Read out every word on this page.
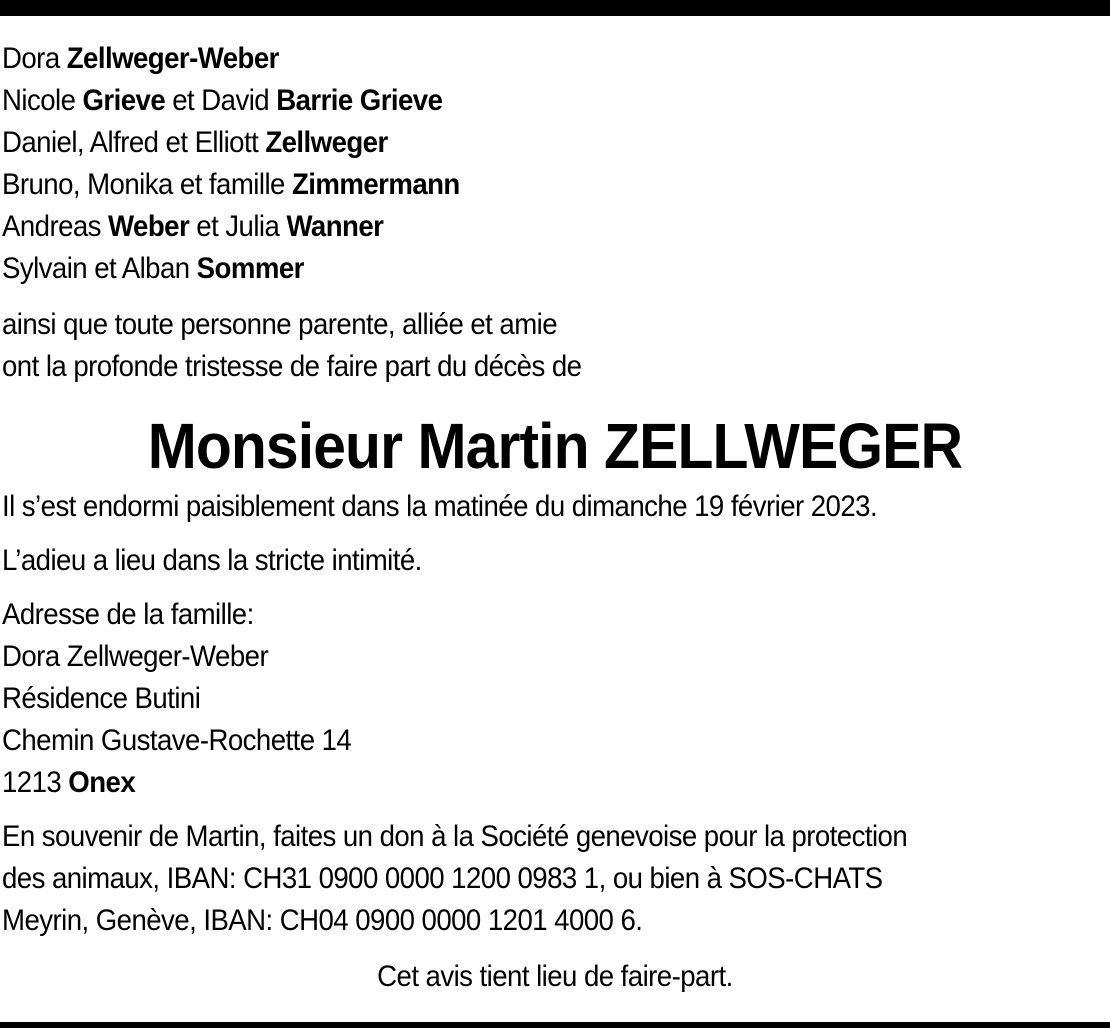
Dora Zellweger-Weber
Nicole Grieve et David Barrie Grieve
Daniel, Alfred et Elliott Zellweger
Bruno, Monika et famille Zimmermann
Andreas Weber et Julia Wanner
Sylvain et Alban Sommer
ainsi que toute personne parente, alliée et amie
ont la profonde tristesse de faire part du décès de
Monsieur Martin ZELLWEGER
Il s’est endormi paisiblement dans la matinée du dimanche 19 février 2023.
L’adieu a lieu dans la stricte intimité.
Adresse de la famille:
Dora Zellweger-Weber
Résidence Butini
Chemin Gustave-Rochette 14
1213 Onex
En souvenir de Martin, faites un don à la Société genevoise pour la protection
des animaux, IBAN: CH31 0900 0000 1200 0983 1, ou bien à SOS-CHATS
Meyrin, Genève, IBAN: CH04 0900 0000 1201 4000 6.
Cet avis tient lieu de faire-part.
